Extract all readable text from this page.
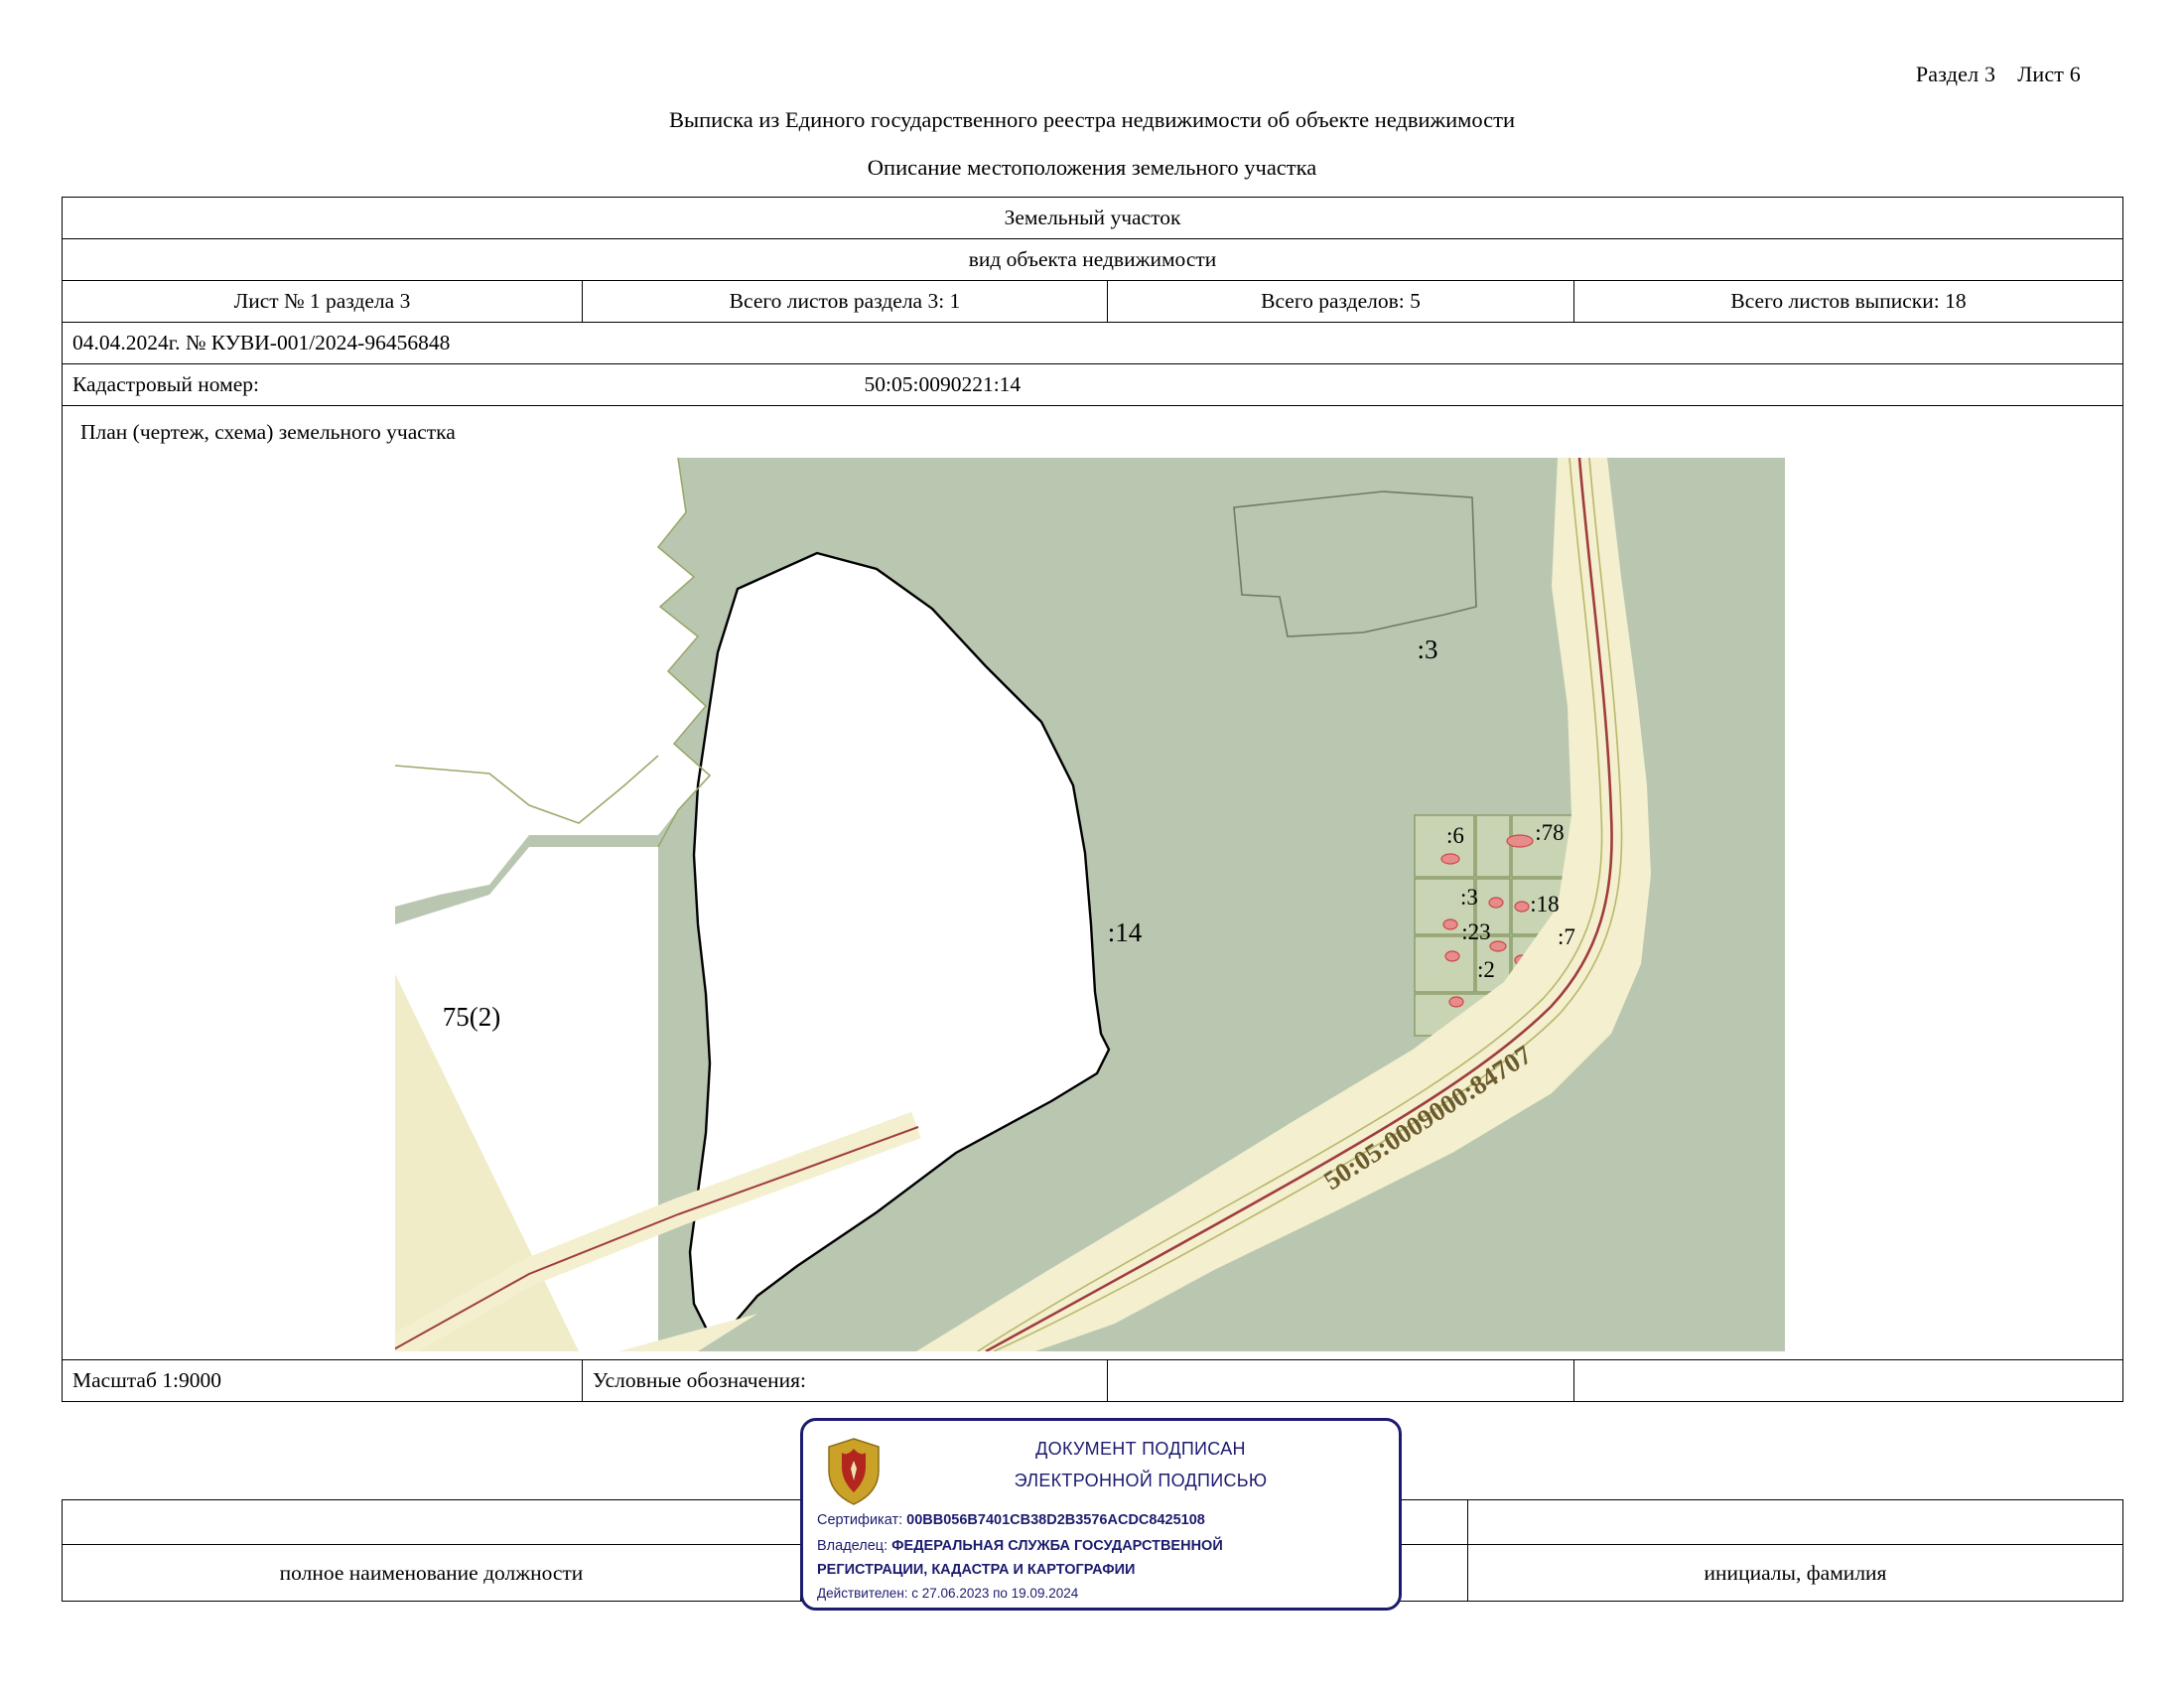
Раздел 3 Лист 6
Выписка из Единого государственного реестра недвижимости об объекте недвижимости
Описание местоположения земельного участка
Земельный участок				
вид объекта недвижимости				
Лист № 1 раздела 3	Всего листов раздела 3: 1		Всего разделов: 5	Всего листов выписки: 18
04.04.2024г. № КУВИ-001/2024-96456848				
Кадастровый номер:		50:05:0090221:14		

План (чертеж, схема) земельного участка
50:05:0009000:84707
:14
:3
:6	:78
:3 :18
:23	:7
:2
75(2)

Масштаб 1:9000	Условные обозначения:			

полное наименование должности			инициалы, фамилия
ДОКУМЕНТ ПОДПИСАН
ЭЛЕКТРОННОЙ ПОДПИСЬЮ
Сертификат: 00BB056B7401CB38D2B3576ACDC8425108
Владелец: ФЕДЕРАЛЬНАЯ СЛУЖБА ГОСУДАРСТВЕННОЙ
РЕГИСТРАЦИИ, КАДАСТРА И КАРТОГРАФИИ
Действителен: с 27.06.2023 по 19.09.2024
